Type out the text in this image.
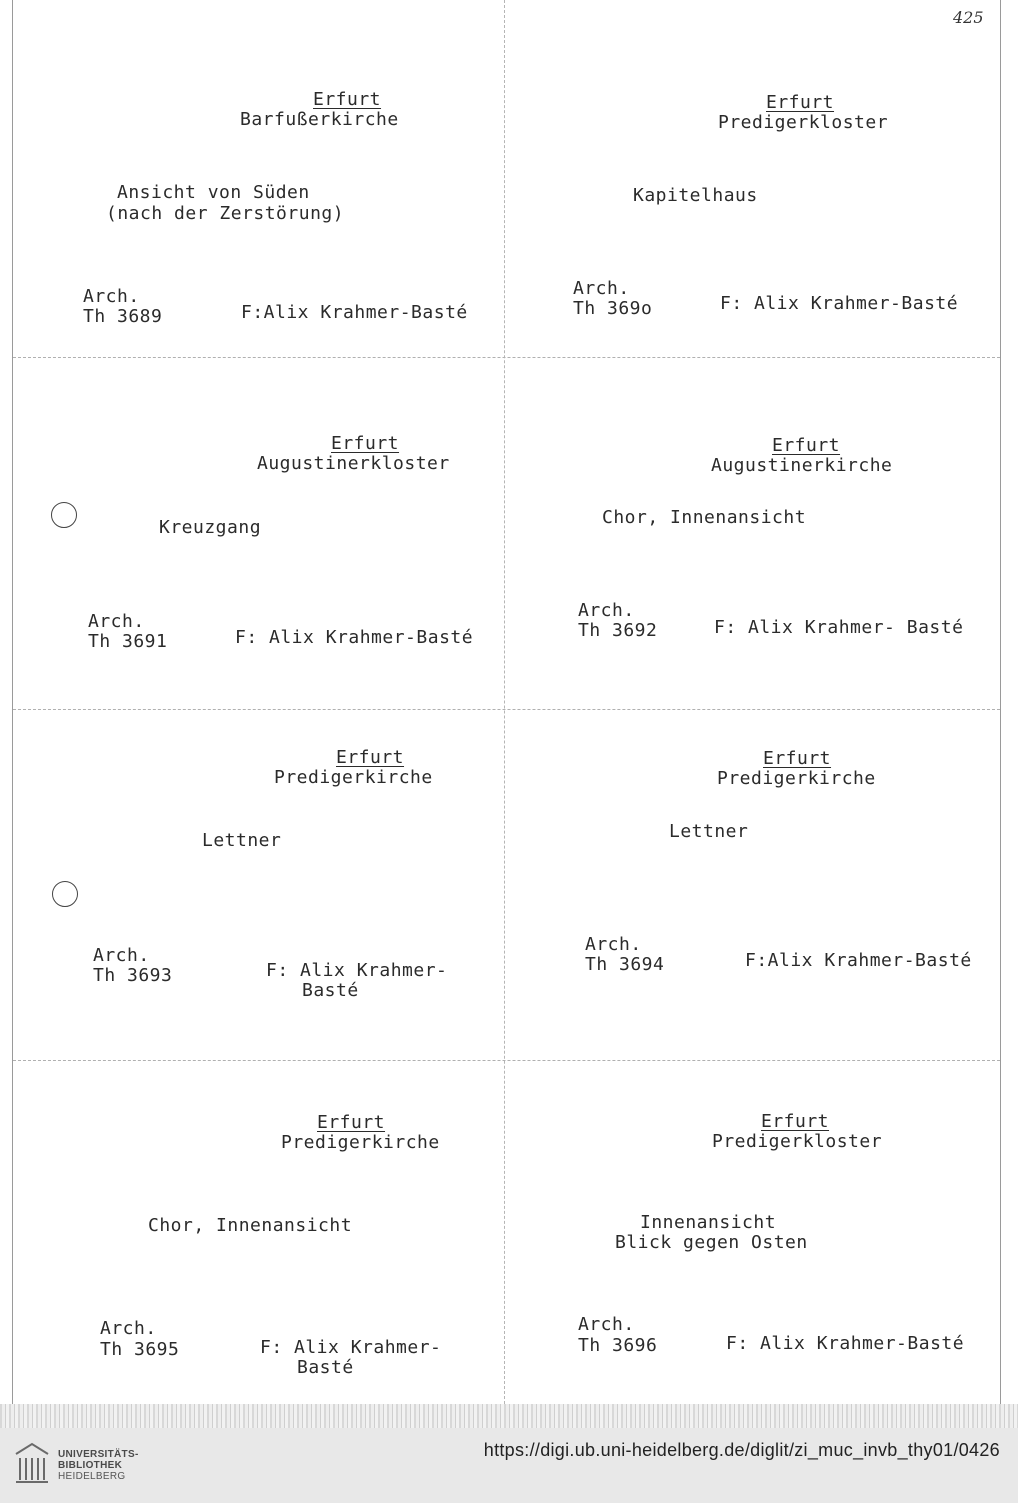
425
Erfurt
Barfußerkirche
Ansicht von Süden
(nach der Zerstörung)
Arch.
Th 3689	F:Alix Krahmer-Basté
Erfurt
Predigerkloster
Kapitelhaus
Arch.
Th 369o	F: Alix Krahmer-Basté
Erfurt
Augustinerkloster
Kreuzgang
Arch.
Th 3691	F: Alix Krahmer-Basté
Erfurt
Augustinerkirche
Chor, Innenansicht
Arch.
Th 3692	F: Alix Krahmer- Basté
Erfurt
Predigerkirche
Lettner
Arch.
Th 3693	F: Alix Krahmer-
Basté
Erfurt
Predigerkirche
Lettner
Arch.
Th 3694	F:Alix Krahmer-Basté
Erfurt
Predigerkirche
Chor, Innenansicht
Arch.
Th 3695	F: Alix Krahmer-
Basté
Erfurt
Predigerkloster
Innenansicht
Blick gegen Osten
Arch.
Th 3696	F: Alix Krahmer-Basté
UNIVERSITÄTS-
BIBLIOTHEK
HEIDELBERG
https://digi.ub.uni-heidelberg.de/diglit/zi_muc_invb_thy01/0426
